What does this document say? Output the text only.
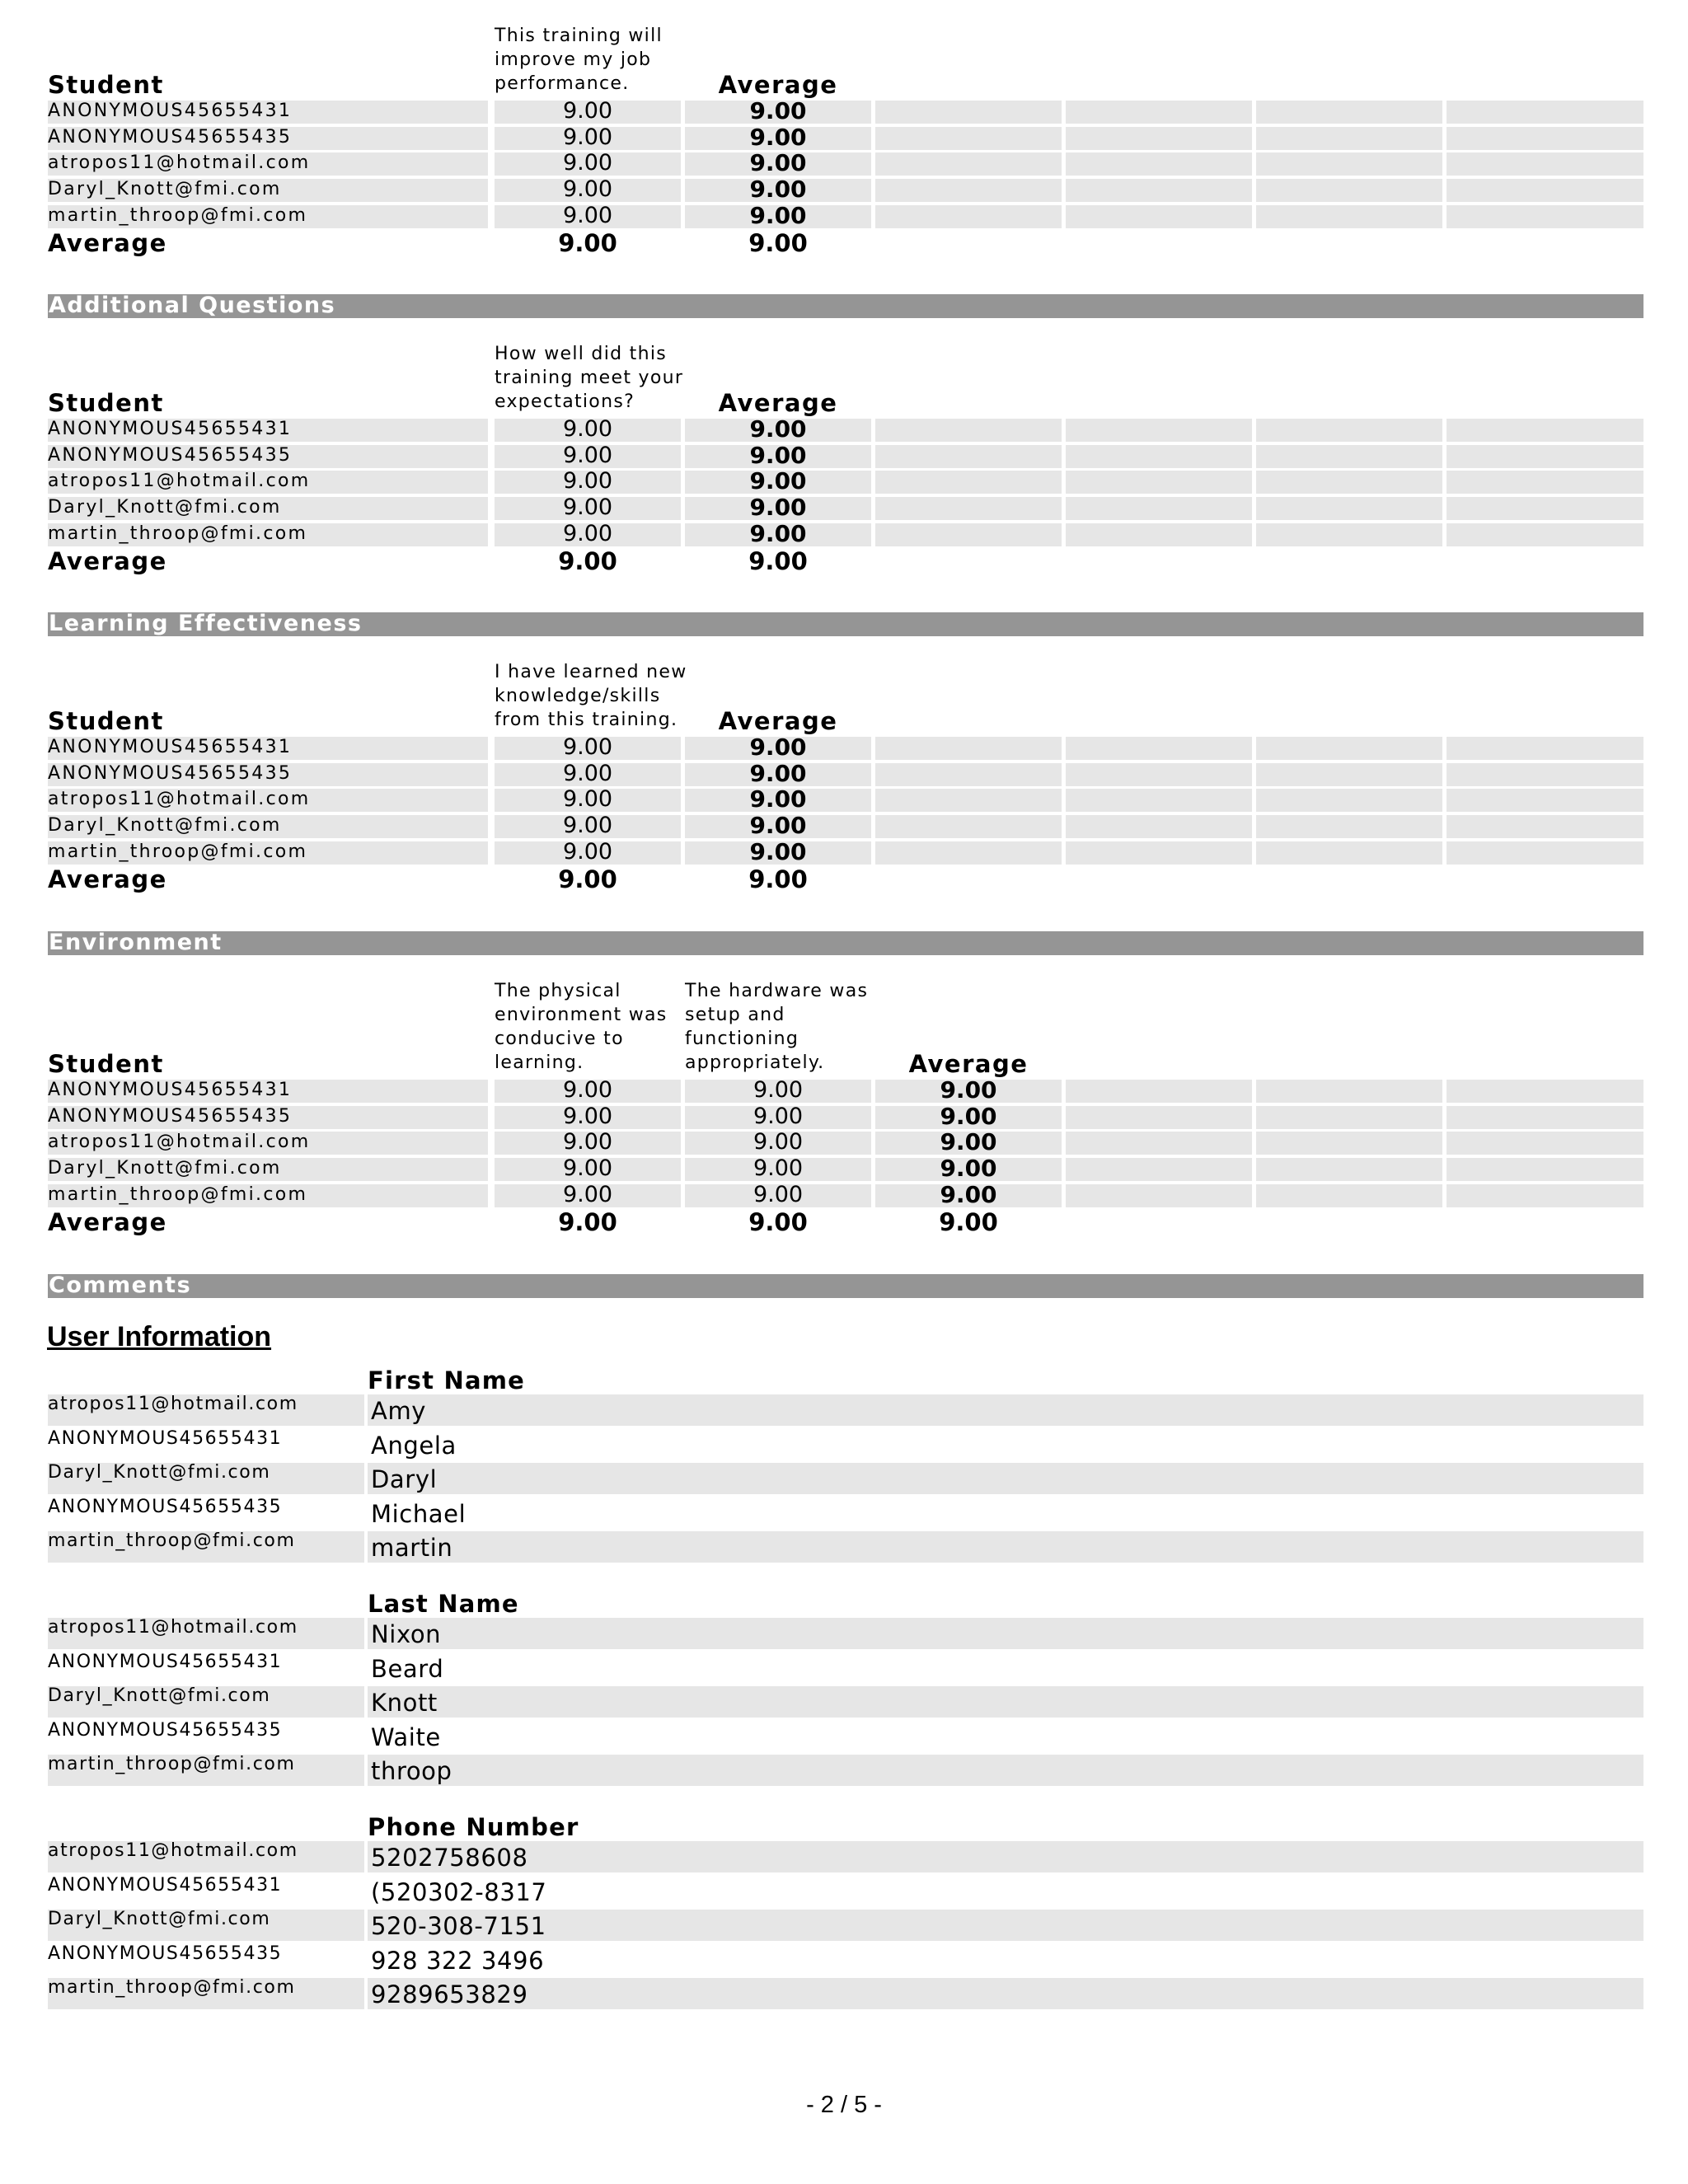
Student
This training will
improve my job
performance.	Average
ANONYMOUS45655431	9.00	9.00
ANONYMOUS45655435	9.00	9.00
atropos11@hotmail.com	9.00	9.00
Daryl_Knott@fmi.com	9.00	9.00
martin_throop@fmi.com	9.00	9.00
Average	9.00	9.00
Additional Questions
Student
How well did this
training meet your
expectations?	Average
ANONYMOUS45655431	9.00	9.00
ANONYMOUS45655435	9.00	9.00
atropos11@hotmail.com	9.00	9.00
Daryl_Knott@fmi.com	9.00	9.00
martin_throop@fmi.com	9.00	9.00
Average	9.00	9.00
Learning Effectiveness
Student
I have learned new
knowledge/skills
from this training.	Average
ANONYMOUS45655431	9.00	9.00
ANONYMOUS45655435	9.00	9.00
atropos11@hotmail.com	9.00	9.00
Daryl_Knott@fmi.com	9.00	9.00
martin_throop@fmi.com	9.00	9.00
Average	9.00	9.00
Environment
Student
The physical
environment was
conducive to
learning.
The hardware was
setup and
functioning
appropriately.	Average
ANONYMOUS45655431	9.00	9.00	9.00
ANONYMOUS45655435	9.00	9.00	9.00
atropos11@hotmail.com	9.00	9.00	9.00
Daryl_Knott@fmi.com	9.00	9.00	9.00
martin_throop@fmi.com	9.00	9.00	9.00
Average	9.00	9.00	9.00
Comments
User Information
First Name
atropos11@hotmail.com	Amy
ANONYMOUS45655431	Angela
Daryl_Knott@fmi.com	Daryl
ANONYMOUS45655435	Michael
martin_throop@fmi.com	martin
Last Name
atropos11@hotmail.com	Nixon
ANONYMOUS45655431	Beard
Daryl_Knott@fmi.com	Knott
ANONYMOUS45655435	Waite
martin_throop@fmi.com	throop
Phone Number
atropos11@hotmail.com	5202758608
ANONYMOUS45655431	(520302-8317
Daryl_Knott@fmi.com	520-308-7151
ANONYMOUS45655435	928 322 3496
martin_throop@fmi.com	9289653829
- 2 / 5 -
